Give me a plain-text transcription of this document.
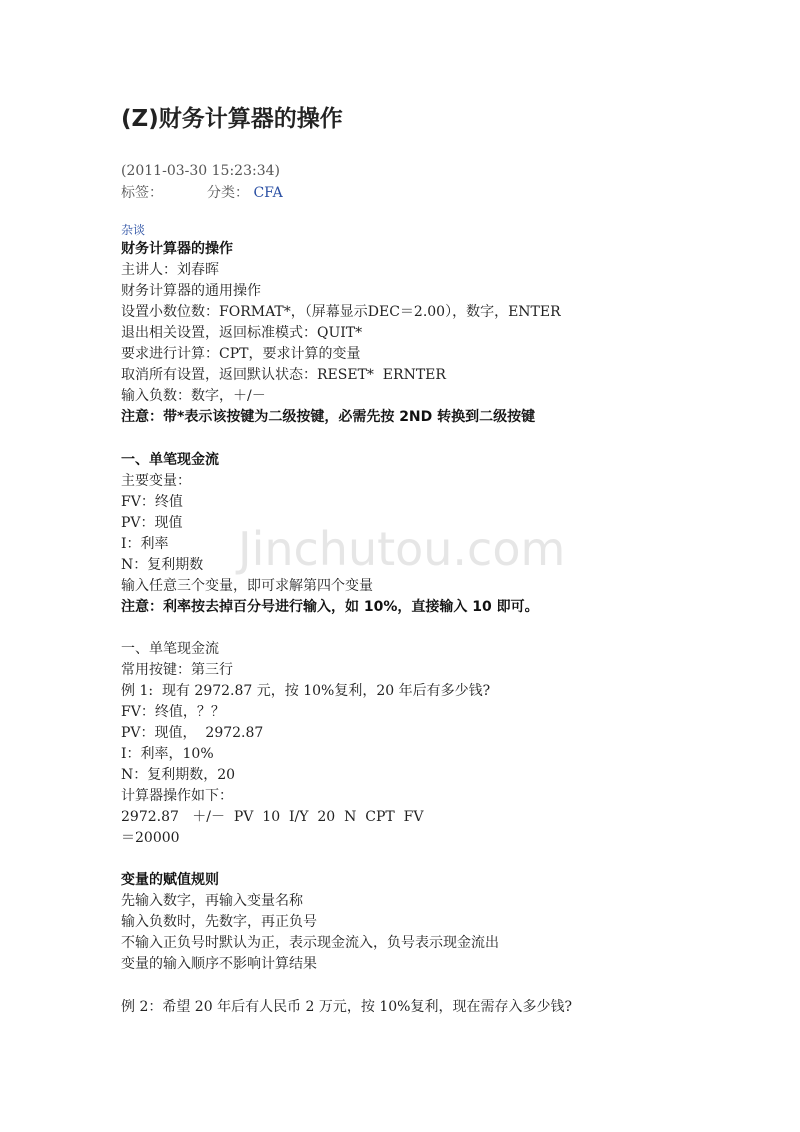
Jinchutou.com
(Z)财务计算器的操作
(2011-03-30 15:23:34)
标签：	分类： CFA
杂谈
财务计算器的操作
主讲人：刘春晖
财务计算器的通用操作
设置小数位数：FORMAT*，（屏幕显示DEC＝2.00），数字，ENTER
退出相关设置，返回标准模式：QUIT*
要求进行计算：CPT，要求计算的变量
取消所有设置，返回默认状态：RESET*  ERNTER
输入负数：数字，＋/－
注意：带*表示该按键为二级按键，必需先按 2ND 转换到二级按键
一、单笔现金流
主要变量：
FV：终值
PV：现值
I：利率
N：复利期数
输入任意三个变量，即可求解第四个变量
注意：利率按去掉百分号进行输入，如 10%，直接输入 10 即可。
一、单笔现金流
常用按键：第三行
例 1:  现有 2972.87 元，按 10%复利，20 年后有多少钱?
FV：终值，？？
PV：现值，  2972.87
I：利率，10%
N：复利期数，20
计算器操作如下：
2972.87   ＋/－  PV  10  I/Y  20  N  CPT  FV
＝20000
变量的赋值规则
先输入数字，再输入变量名称
输入负数时，先数字，再正负号
不输入正负号时默认为正，表示现金流入，负号表示现金流出
变量的输入顺序不影响计算结果
例 2：希望 20 年后有人民币 2 万元，按 10%复利，现在需存入多少钱?
